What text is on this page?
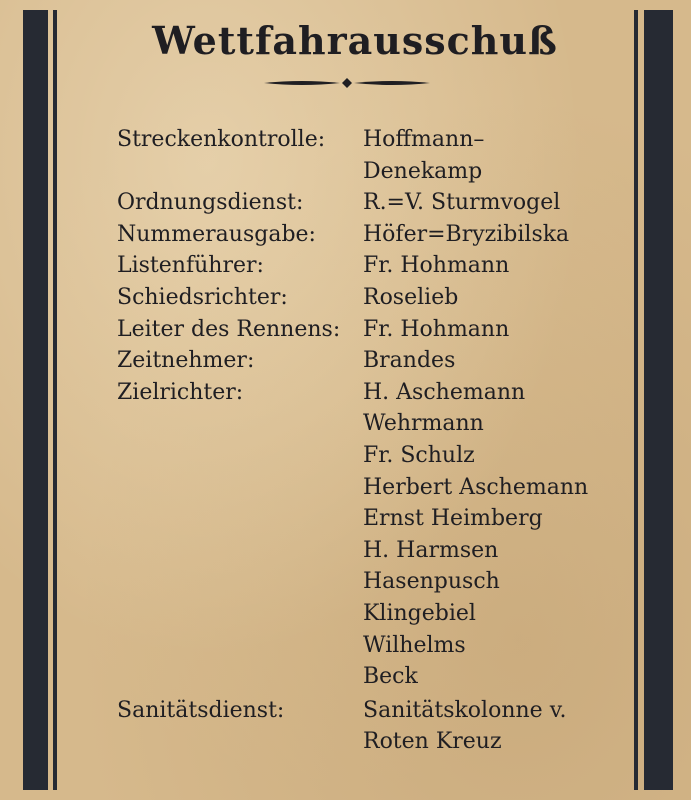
Wettfahrausschuß
Streckenkontrolle: Hoffmann–
Denekamp
Ordnungsdienst:	R.=V. Sturmvogel
Nummerausgabe: Höfer=Bryzibilska
Listenführer:	Fr. Hohmann
Schiedsrichter:	Roselieb
Leiter des Rennens: Fr. Hohmann
Zeitnehmer:	Brandes
Zielrichter:	H. Aschemann
Wehrmann
Fr. Schulz
Herbert Aschemann
Ernst Heimberg
H. Harmsen
Hasenpusch
Klingebiel
Wilhelms
Beck
Sanitätsdienst:	Sanitätskolonne v.
Roten Kreuz
